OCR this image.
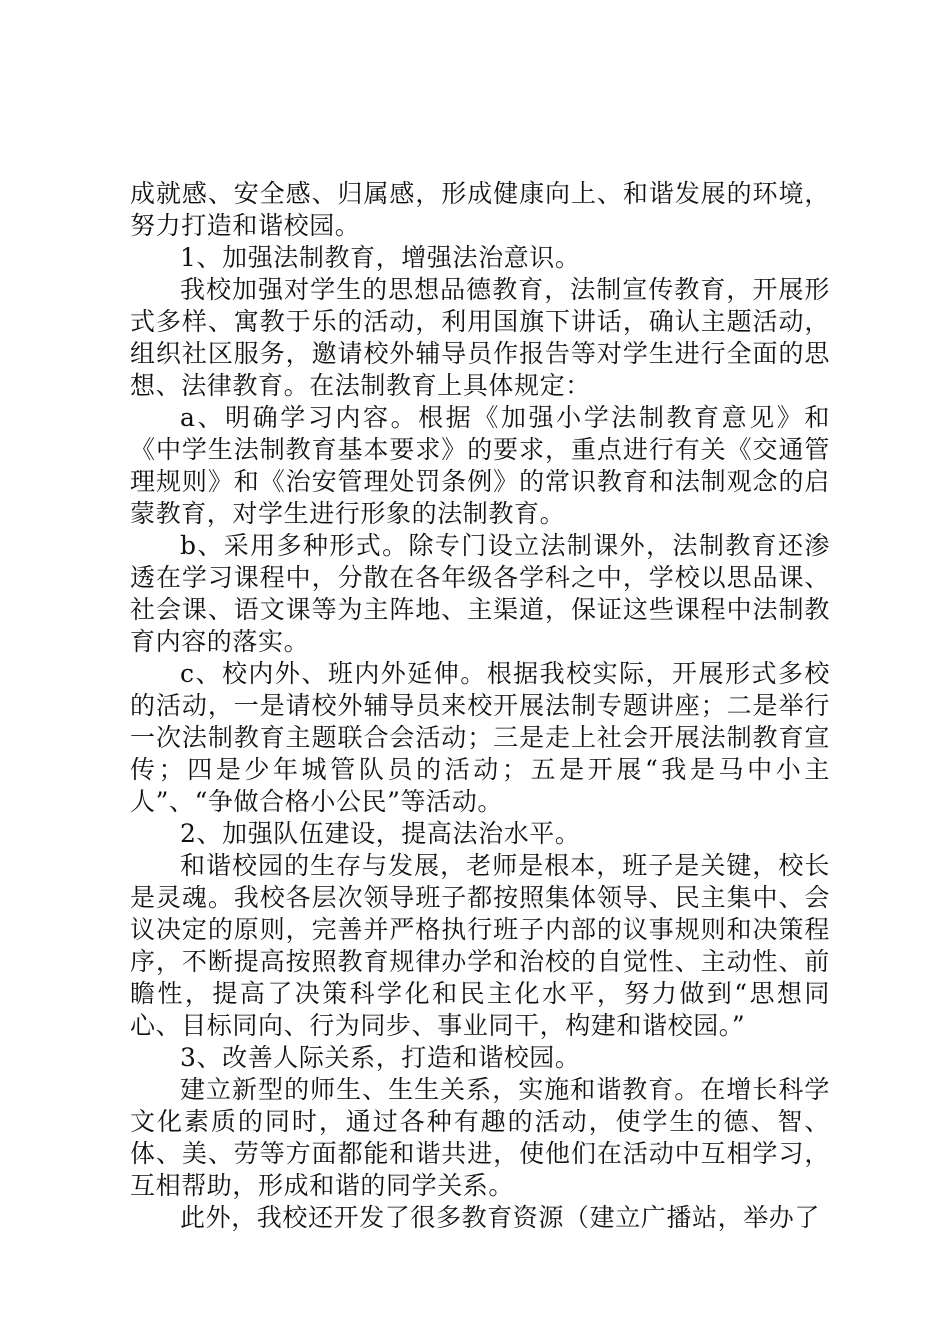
成就感、安全感、归属感，形成健康向上、和谐发展的环境，努力打造和谐校园。

1、加强法制教育，增强法治意识。

我校加强对学生的思想品德教育，法制宣传教育，开展形式多样、寓教于乐的活动，利用国旗下讲话，确认主题活动，组织社区服务，邀请校外辅导员作报告等对学生进行全面的思想、法律教育。在法制教育上具体规定：

a、明确学习内容。根据《加强小学法制教育意见》和《中学生法制教育基本要求》的要求，重点进行有关《交通管理规则》和《治安管理处罚条例》的常识教育和法制观念的启蒙教育，对学生进行形象的法制教育。

b、采用多种形式。除专门设立法制课外，法制教育还渗透在学习课程中，分散在各年级各学科之中，学校以思品课、社会课、语文课等为主阵地、主渠道，保证这些课程中法制教育内容的落实。

c、校内外、班内外延伸。根据我校实际，开展形式多校的活动，一是请校外辅导员来校开展法制专题讲座；二是举行一次法制教育主题联合会活动；三是走上社会开展法制教育宣传；四是少年城管队员的活动；五是开展“我是马中小主人”、“争做合格小公民”等活动。

2、加强队伍建设，提高法治水平。

和谐校园的生存与发展，老师是根本，班子是关键，校长是灵魂。我校各层次领导班子都按照集体领导、民主集中、会议决定的原则，完善并严格执行班子内部的议事规则和决策程序，不断提高按照教育规律办学和治校的自觉性、主动性、前瞻性，提高了决策科学化和民主化水平，努力做到“思想同心、目标同向、行为同步、事业同干，构建和谐校园。”

3、改善人际关系，打造和谐校园。

建立新型的师生、生生关系，实施和谐教育。在增长科学文化素质的同时，通过各种有趣的活动，使学生的德、智、体、美、劳等方面都能和谐共进，使他们在活动中互相学习，互相帮助，形成和谐的同学关系。

此外，我校还开发了很多教育资源（建立广播站，举办了
